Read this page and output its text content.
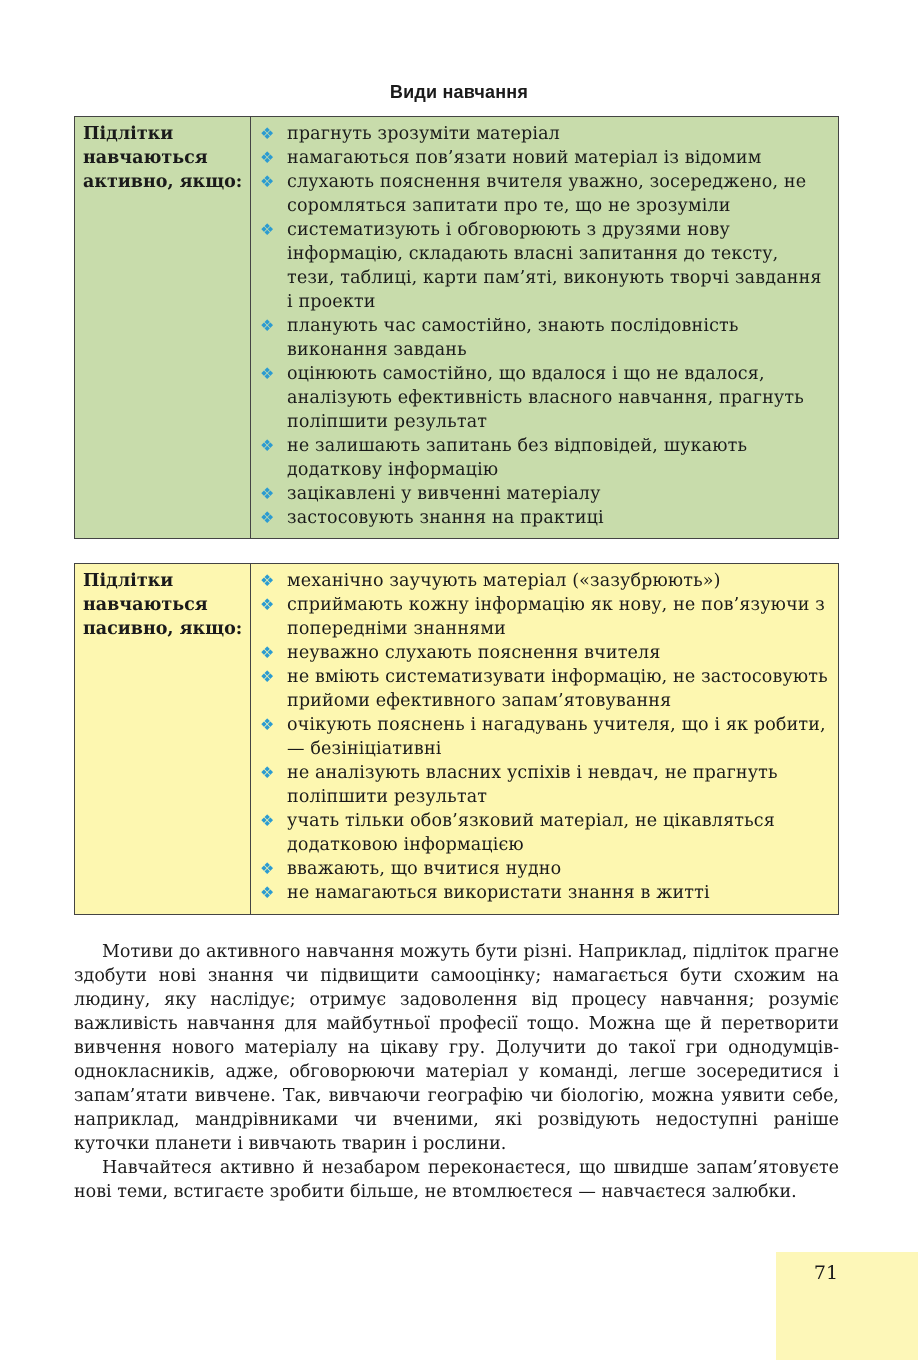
Види навчання
Підлітки навчаються активно, якщо:
❖ прагнуть зрозуміти матеріал
❖ намагаються пов’язати новий матеріал із відомим
❖ слухають пояснення вчителя уважно, зосереджено, не соромляться запитати про те, що не зрозуміли
❖ систематизують і обговорюють з друзями нову інформацію, складають власні запитання до тексту, тези, таблиці, карти пам’яті, виконують творчі завдання і проекти
❖ планують час самостійно, знають послідовність виконання завдань
❖ оцінюють самостійно, що вдалося і що не вдалося, аналізують ефективність власного навчання, прагнуть поліпшити результат
❖ не залишають запитань без відповідей, шукають додаткову інформацію
❖ зацікавлені у вивченні матеріалу
❖ застосовують знання на практиці
Підлітки навчаються пасивно, якщо:
❖ механічно заучують матеріал («зазубрюють»)
❖ сприймають кожну інформацію як нову, не пов’язуючи з попередніми знаннями
❖ неуважно слухають пояснення вчителя
❖ не вміють систематизувати інформацію, не застосовують прийоми ефективного запам’ятовування
❖ очікують пояснень і нагадувань учителя, що і як робити, — безініціативні
❖ не аналізують власних успіхів і невдач, не прагнуть поліпшити результат
❖ учать тільки обов’язковий матеріал, не цікавляться додатковою інформацією
❖ вважають, що вчитися нудно
❖ не намагаються використати знання в житті

Мотиви до активного навчання можуть бути різні. Наприклад, підліток прагне здобути нові знання чи підвищити самооцінку; намагається бути схожим на людину, яку наслідує; отримує задоволення від процесу навчання; розуміє важливість навчання для майбутньої професії тощо. Можна ще й перетворити вивчення нового матеріалу на цікаву гру. Долучити до такої гри однодумців-однокласників, адже, обговорюючи матеріал у команді, легше зосередитися і запам’ятати вивчене. Так, вивчаючи географію чи біологію, можна уявити себе, наприклад, мандрівниками чи вченими, які розвідують недоступні раніше куточки планети і вивчають тварин і рослини.

Навчайтеся активно й незабаром переконаєтеся, що швидше запам’ятовуєте нові теми, встигаєте зробити більше, не втомлюєтеся — навчаєтеся залюбки.

71
